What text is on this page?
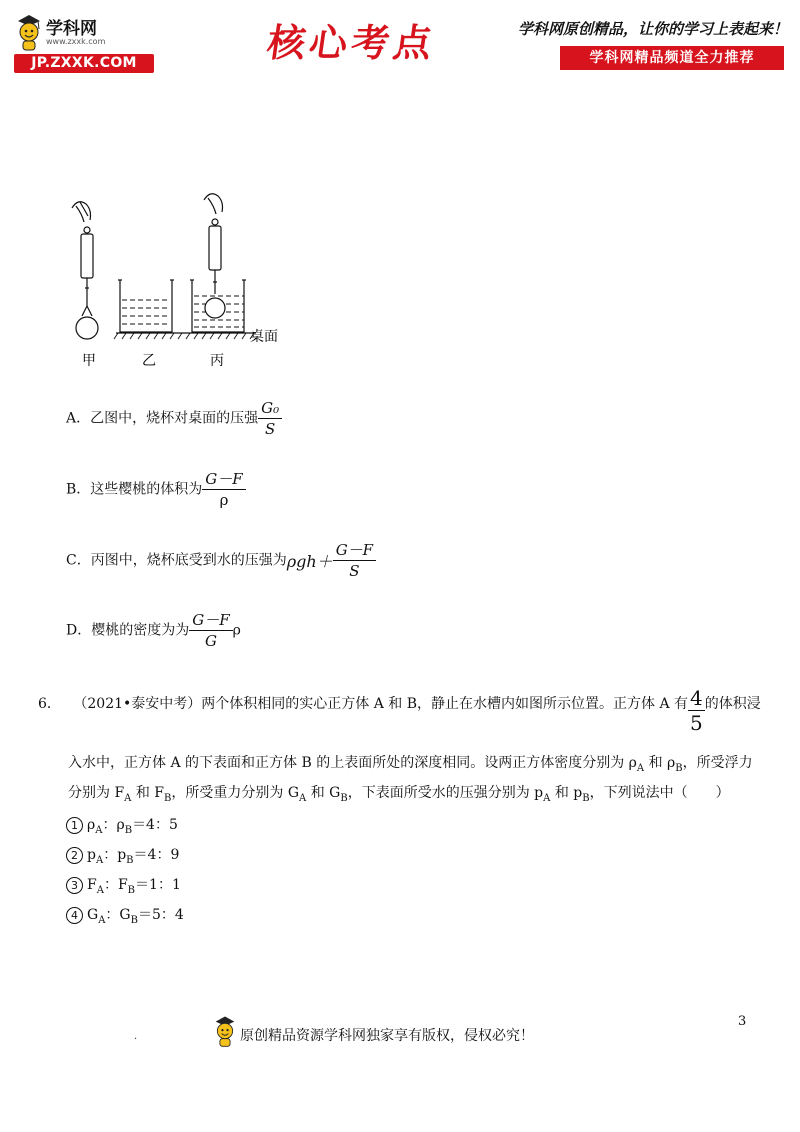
学科网
www.zxxk.com
JP.ZXXK.COM	核心考点	学科网原创精品，让你的学习上表起来！
学科网精品频道全力推荐
桌面
甲	乙	丙
A．乙图中，烧杯对桌面的压强 $\frac{\text{G₀}}{S}$
B．这些樱桃的体积为 $\frac{G-F}{\rho}$
C．丙图中，烧杯底受到水的压强为$\rho gh+ \frac{G-F}{S}$
D．樱桃的密度为为 $\frac{G-F}{G}$ ρ
6． （2021•泰安中考）两个体积相同的实心正方体 A 和 B，静止在水槽内如图所示位置。正方体 A 有 $\frac{4}{5}$ 的体积浸
入水中，正方体 A 的下表面和正方体 B 的上表面所处的深度相同。设两正方体密度分别为 $\rho_A$ 和 $\rho_B$，所受浮力
分别为 $F_A$ 和 $F_B$，所受重力分别为 $G_A$ 和 $G_B$，下表面所受水的压强分别为 $p_A$ 和 $p_B$，下列说法中（　　）
1 $\rho_A$：$\rho_B=4$：5
2 $p_A$：$p_B=4$：9
3 $F_A$：$F_B=1$：1
4 $G_A$：$G_B=5$：4
3
.	原创精品资源学科网独家享有版权，侵权必究！
